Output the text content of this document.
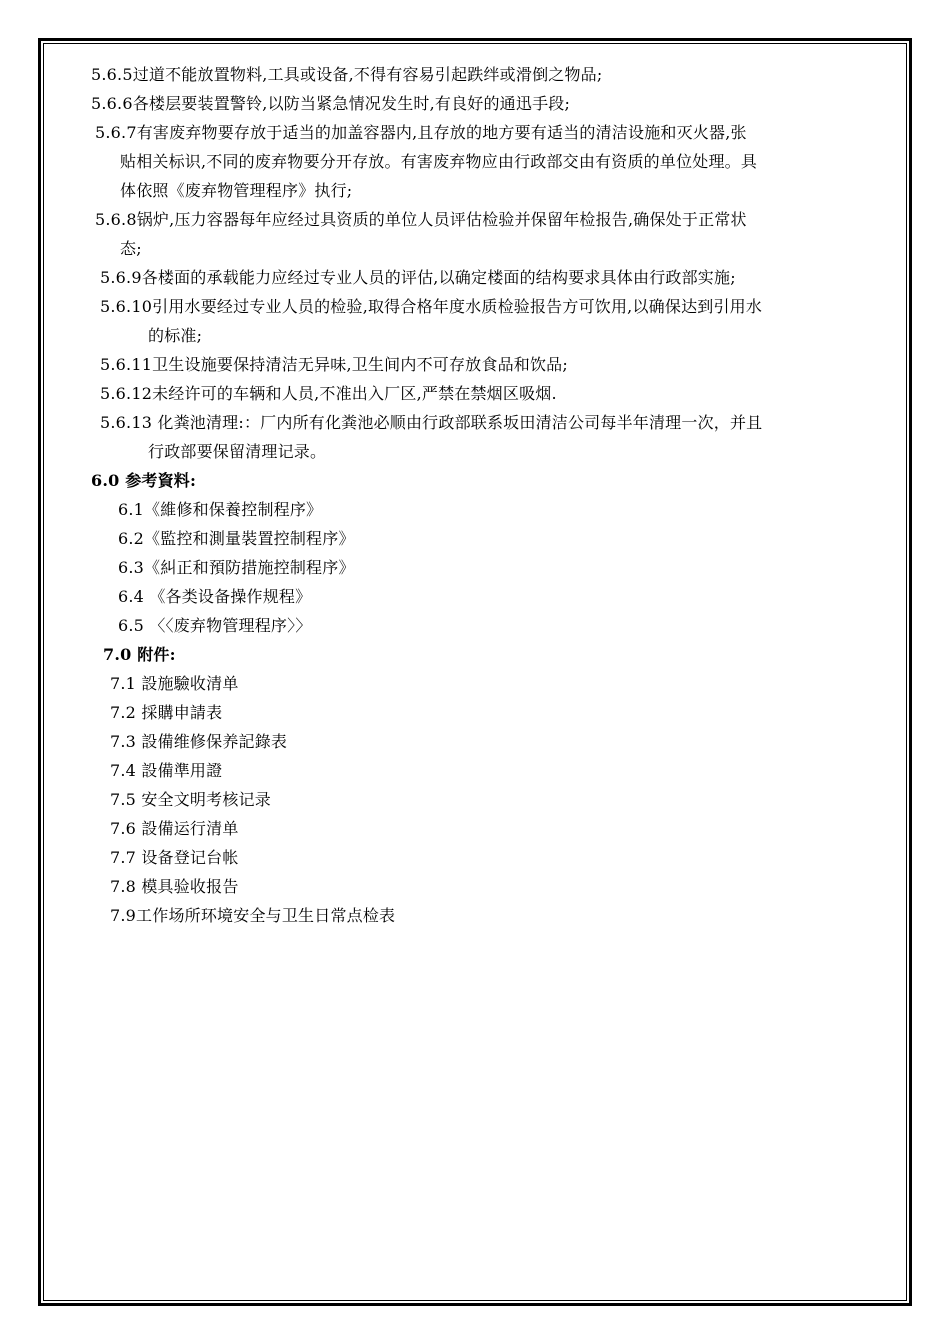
5.6.5过道不能放置物料,工具或设备,不得有容易引起跌绊或滑倒之物品;
5.6.6各楼层要装置警铃,以防当紧急情况发生时,有良好的通迅手段;
5.6.7有害废弃物要存放于适当的加盖容器内,且存放的地方要有适当的清洁设施和灭火器,张
贴相关标识,不同的废弃物要分开存放。有害废弃物应由行政部交由有资质的单位处理。具
体依照《废弃物管理程序》执行;
5.6.8锅炉,压力容器每年应经过具资质的单位人员评估检验并保留年检报告,确保处于正常状
态;
5.6.9各楼面的承载能力应经过专业人员的评估,以确定楼面的结构要求具体由行政部实施;
5.6.10引用水要经过专业人员的检验,取得合格年度水质检验报告方可饮用,以确保达到引用水
的标准;
5.6.11卫生设施要保持清洁无异味,卫生间内不可存放食品和饮品;
5.6.12未经许可的车辆和人员,不准出入厂区,严禁在禁烟区吸烟.
5.6.13 化粪池清理:：厂内所有化粪池必顺由行政部联系坂田清洁公司每半年清理一次，并且
行政部要保留清理记录。
6.0 参考資料:
6.1《維修和保養控制程序》
6.2《監控和測量裝置控制程序》
6.3《糾正和預防措施控制程序》
6.4 《各类设备操作规程》
6.5 〈〈废弃物管理程序〉〉
7.0 附件:
7.1 設施驗收清单
7.2 採購申請表
7.3 設備维修保养記錄表
7.4 設備準用證
7.5 安全文明考核记录
7.6 設備运行清单
7.7 设备登记台帐
7.8 模具验收报告
7.9工作场所环境安全与卫生日常点检表
